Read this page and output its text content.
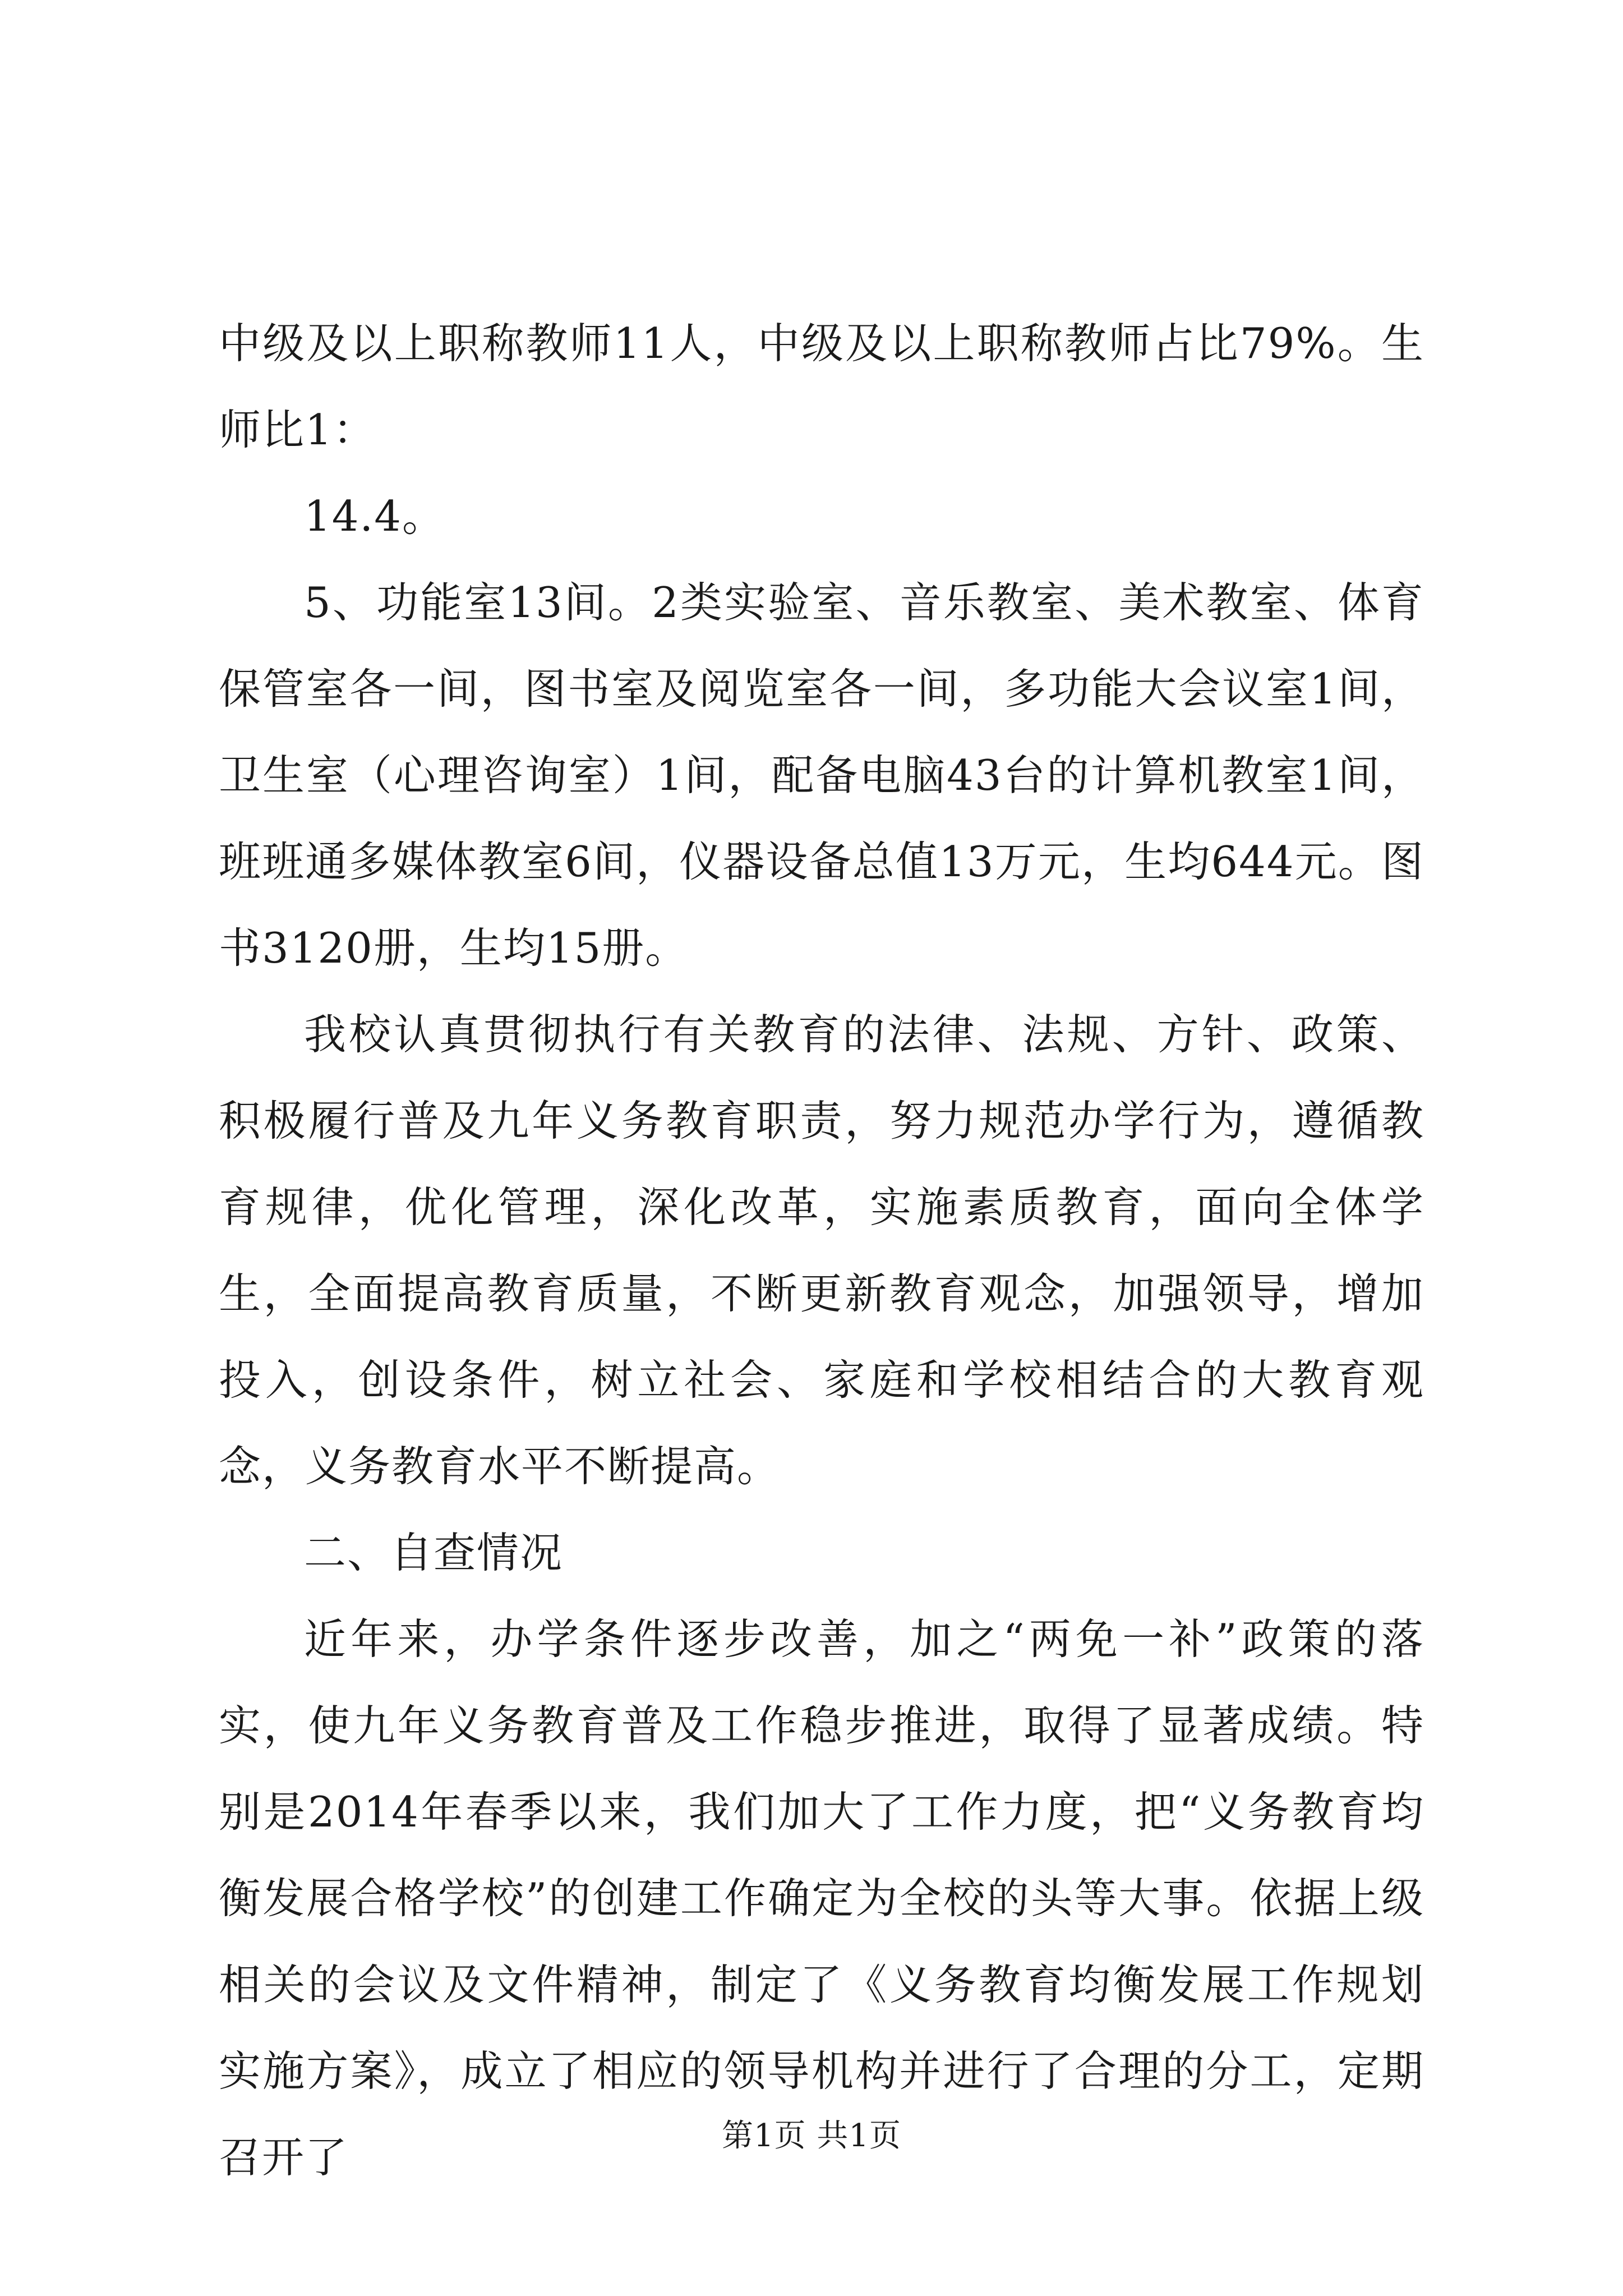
中级及以上职称教师11人，中级及以上职称教师占比79%。生师比1：

14.4。

5、功能室13间。2类实验室、音乐教室、美术教室、体育保管室各一间，图书室及阅览室各一间，多功能大会议室1间，卫生室（心理咨询室）1间，配备电脑43台的计算机教室1间，班班通多媒体教室6间，仪器设备总值13万元，生均644元。图书3120册，生均15册。

我校认真贯彻执行有关教育的法律、法规、方针、政策、积极履行普及九年义务教育职责，努力规范办学行为，遵循教育规律，优化管理，深化改革，实施素质教育，面向全体学生，全面提高教育质量，不断更新教育观念，加强领导，增加投入，创设条件，树立社会、家庭和学校相结合的大教育观念，义务教育水平不断提高。

二、自查情况

近年来，办学条件逐步改善，加之“两免一补”政策的落实，使九年义务教育普及工作稳步推进，取得了显著成绩。特别是2014年春季以来，我们加大了工作力度，把“义务教育均衡发展合格学校”的创建工作确定为全校的头等大事。依据上级相关的会议及文件精神，制定了《义务教育均衡发展工作规划实施方案》，成立了相应的领导机构并进行了合理的分工，定期召开了	第1页 共1页
